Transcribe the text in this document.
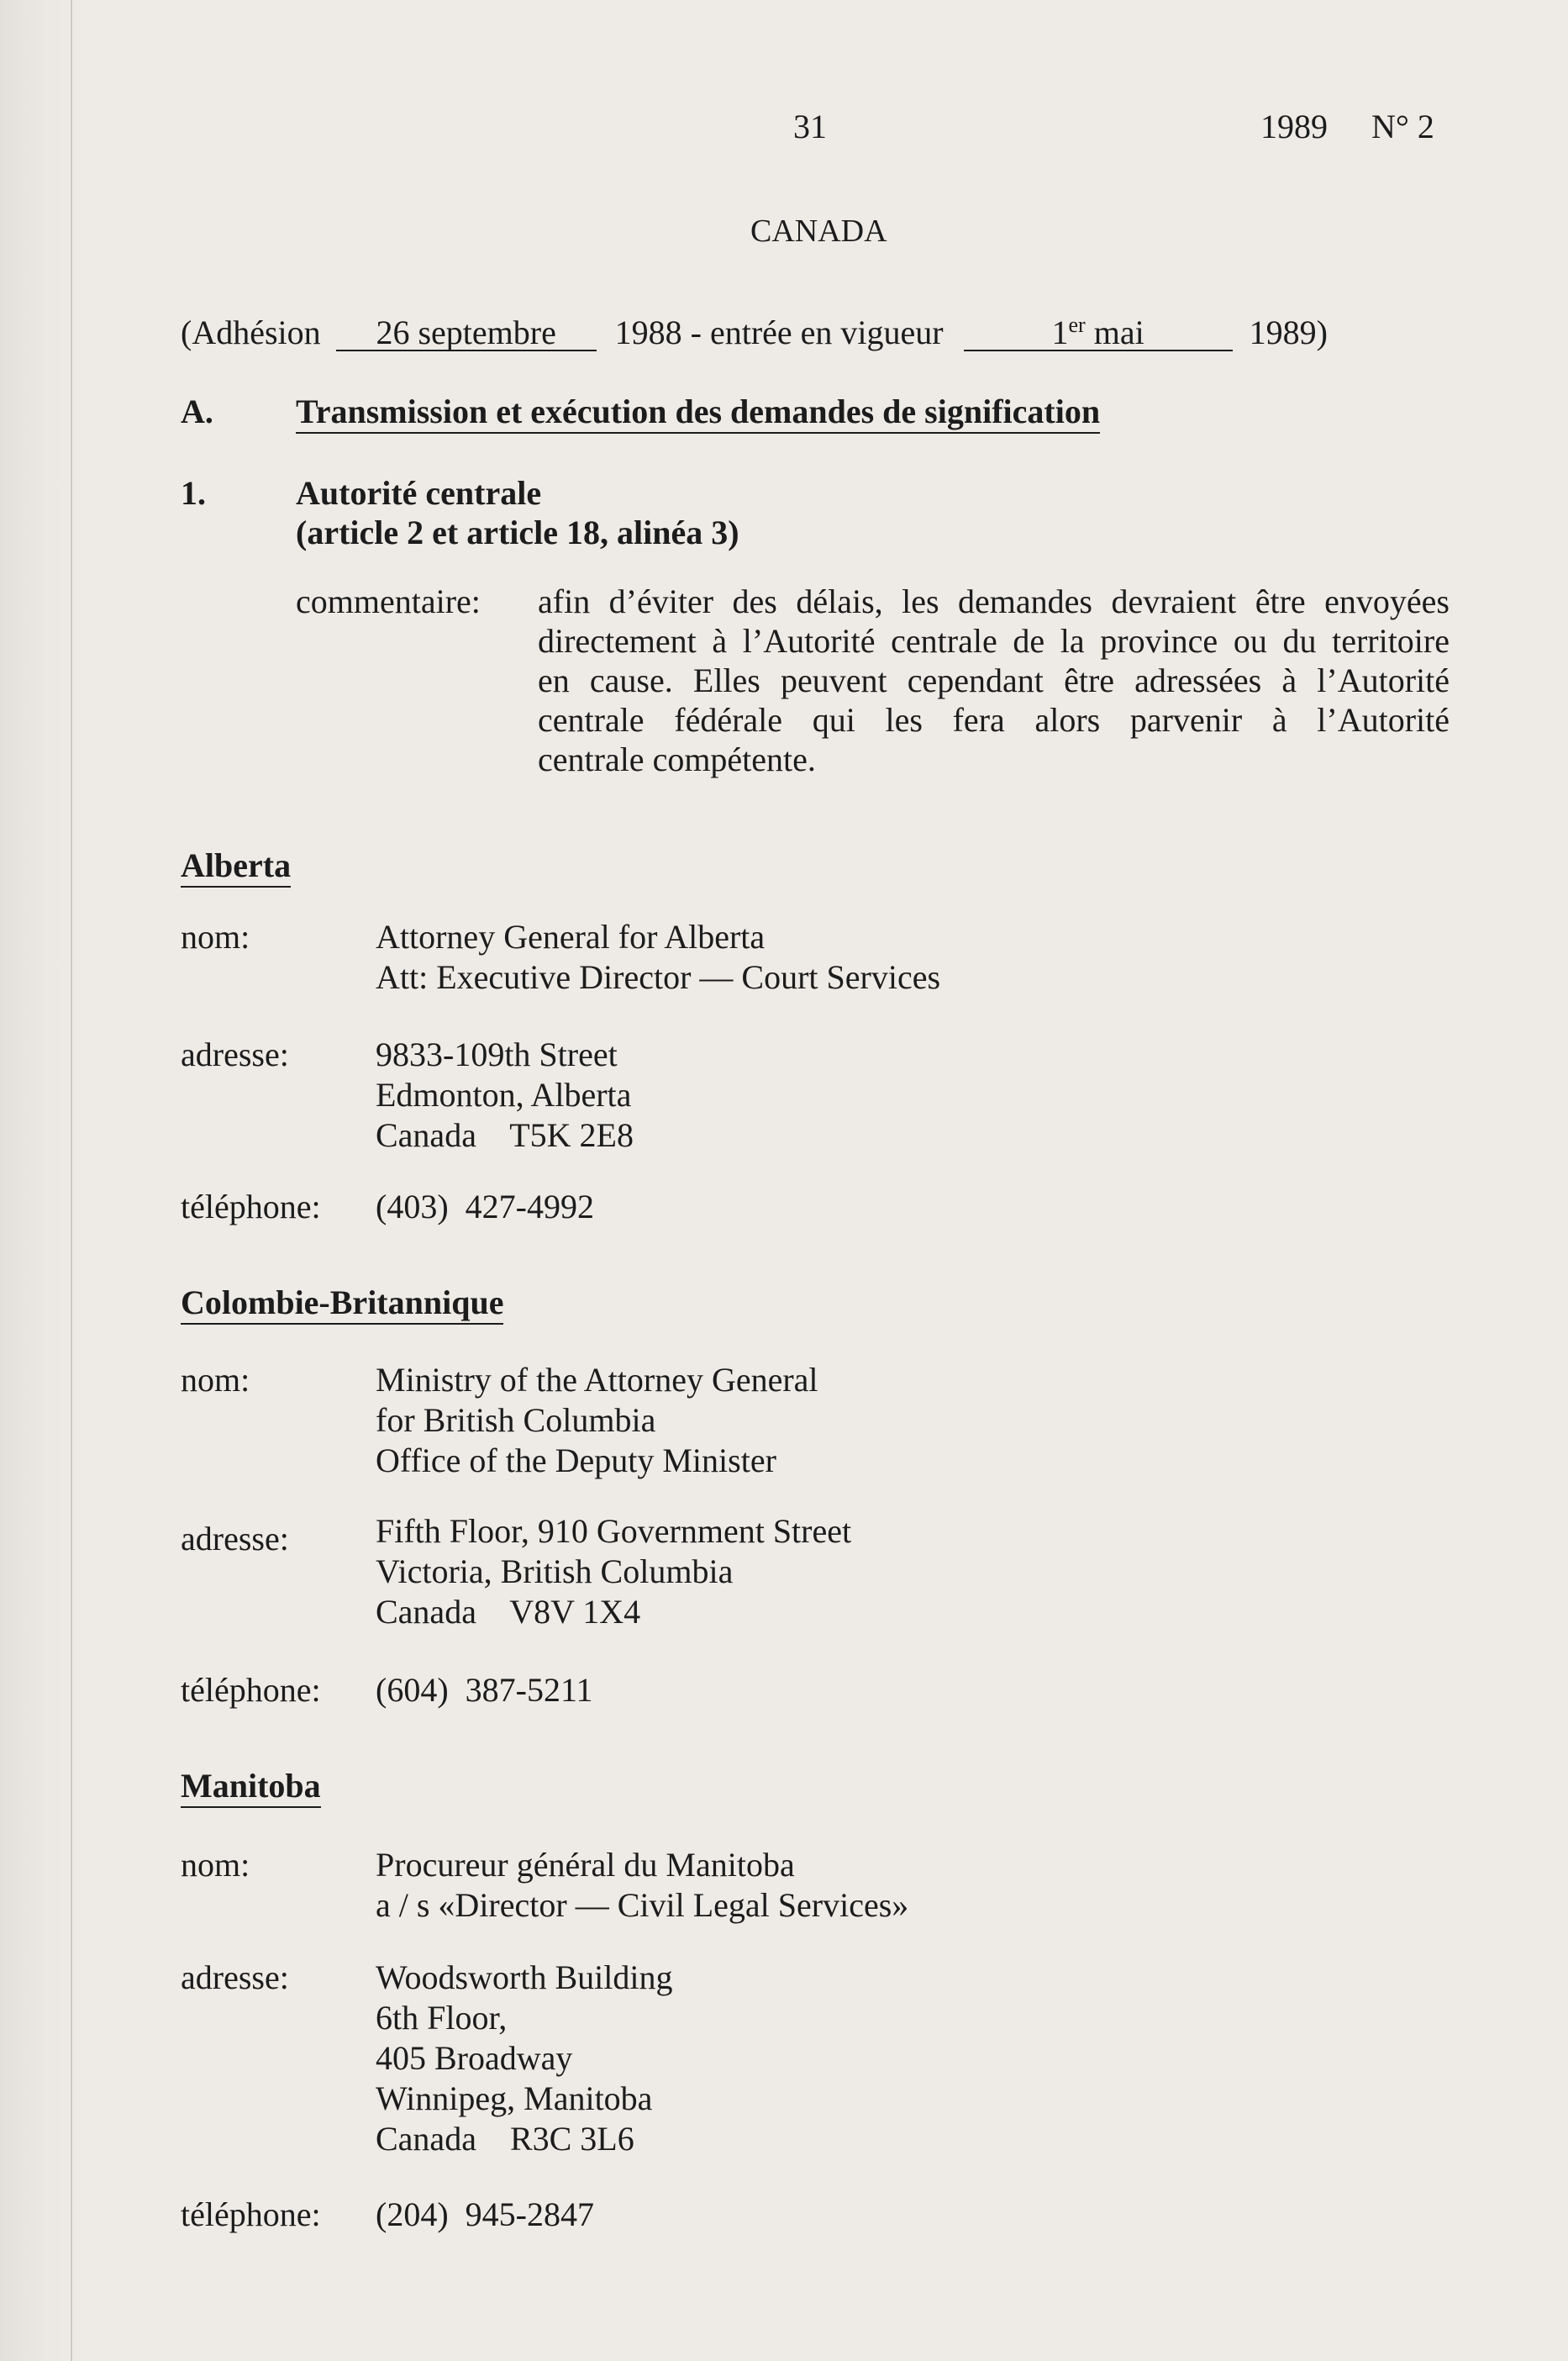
31	1989 N° 2
CANADA
(Adhésion 26 septembre 1988 - entrée en vigueur	1er mai	1989)
A. Transmission et exécution des demandes de signification
1.	Autorité centrale
(article 2 et article 18, alinéa 3)
commentaire: afin d’éviter des délais, les demandes devraient être envoyées
directement à l’Autorité centrale de la province ou du territoire
en cause. Elles peuvent cependant être adressées à l’Autorité
centrale fédérale qui les fera alors parvenir à l’Autorité
centrale compétente.
Alberta
nom:	Attorney General for Alberta
Att: Executive Director — Court Services
adresse:	9833-109th Street
Edmonton, Alberta
Canada    T5K 2E8
téléphone: (403)  427-4992
Colombie-Britannique
nom:	Ministry of the Attorney General
for British Columbia
Office of the Deputy Minister
adresse:	Fifth Floor, 910 Government Street
Victoria, British Columbia
Canada    V8V 1X4
téléphone: (604)  387-5211
Manitoba
nom:	Procureur général du Manitoba
a / s «Director — Civil Legal Services»
adresse:	Woodsworth Building
6th Floor,
405 Broadway
Winnipeg, Manitoba
Canada    R3C 3L6
téléphone: (204)  945-2847
